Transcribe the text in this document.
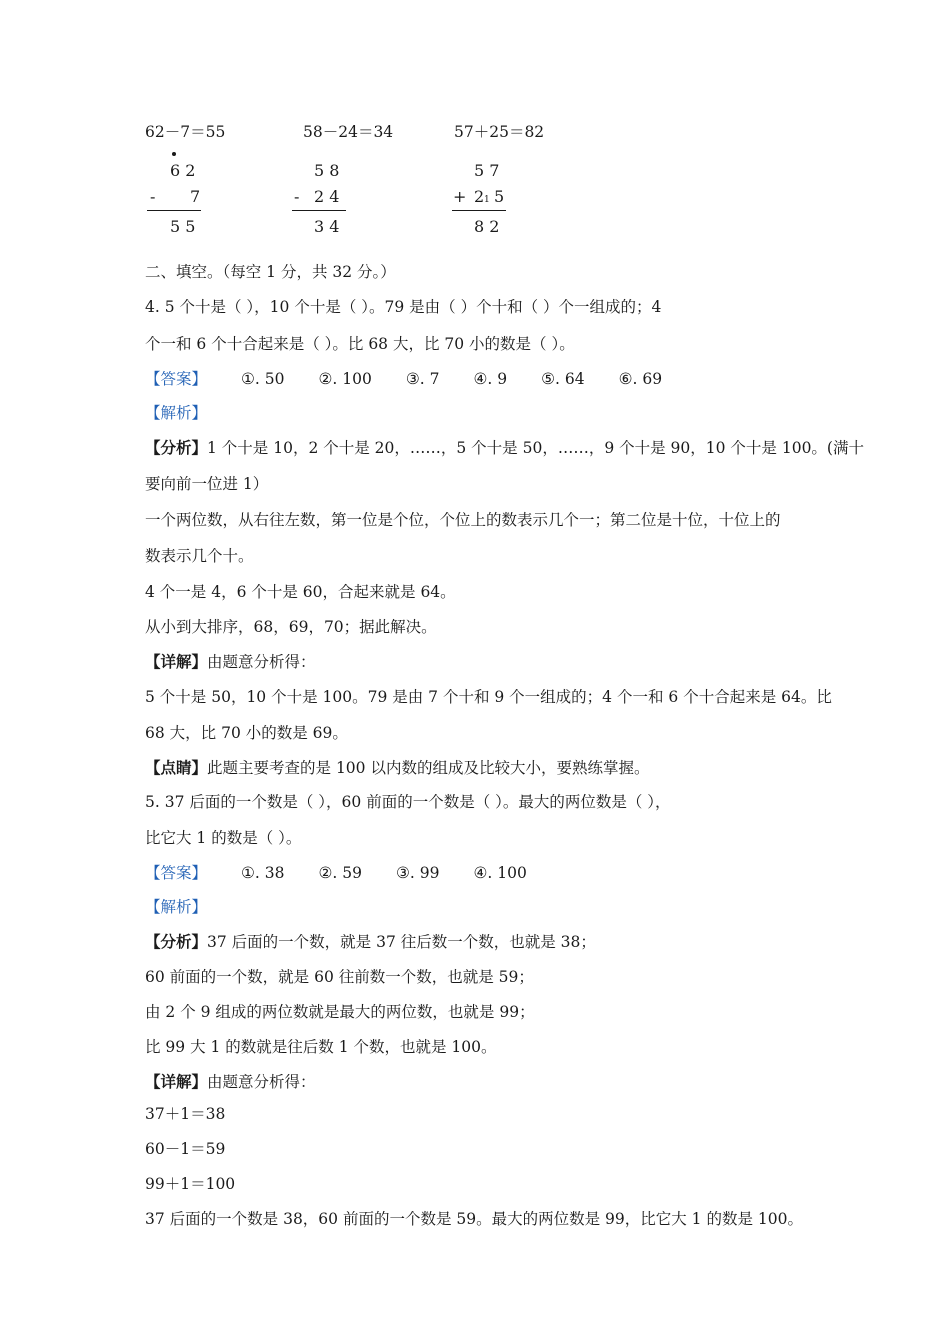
62－7＝55	58－24＝34	57＋25＝82
6 2
- 7
5 5
5 8
- 2 4
3 4
5 7
+ 2 1 5
8 2
二、填空。（每空 1 分，共 32 分。）
4. 5 个十是（ ），10 个十是（ ）。79 是由（ ）个十和（ ）个一组成的；4
个一和 6 个十合起来是（ ）。比 68 大，比 70 小的数是（ ）。
【答案】 ①. 50 ②. 100 ③. 7 ④. 9 ⑤. 64 ⑥. 69
【解析】
【分析】1 个十是 10，2 个十是 20，……，5 个十是 50，……，9 个十是 90，10 个十是 100。(满十
要向前一位进 1）
一个两位数，从右往左数，第一位是个位，个位上的数表示几个一；第二位是十位，十位上的
数表示几个十。
4 个一是 4，6 个十是 60，合起来就是 64。
从小到大排序，68，69，70；据此解决。
【详解】由题意分析得：
5 个十是 50，10 个十是 100。79 是由 7 个十和 9 个一组成的；4 个一和 6 个十合起来是 64。比
68 大，比 70 小的数是 69。
【点睛】此题主要考查的是 100 以内数的组成及比较大小，要熟练掌握。
5. 37 后面的一个数是（ ），60 前面的一个数是（ ）。最大的两位数是（ ），
比它大 1 的数是（ ）。
【答案】 ①. 38 ②. 59 ③. 99 ④. 100
【解析】
【分析】37 后面的一个数，就是 37 往后数一个数，也就是 38；
60 前面的一个数，就是 60 往前数一个数，也就是 59；
由 2 个 9 组成的两位数就是最大的两位数，也就是 99；
比 99 大 1 的数就是往后数 1 个数，也就是 100。
【详解】由题意分析得：
37＋1＝38
60－1＝59
99＋1＝100
37 后面的一个数是 38，60 前面的一个数是 59。最大的两位数是 99，比它大 1 的数是 100。
